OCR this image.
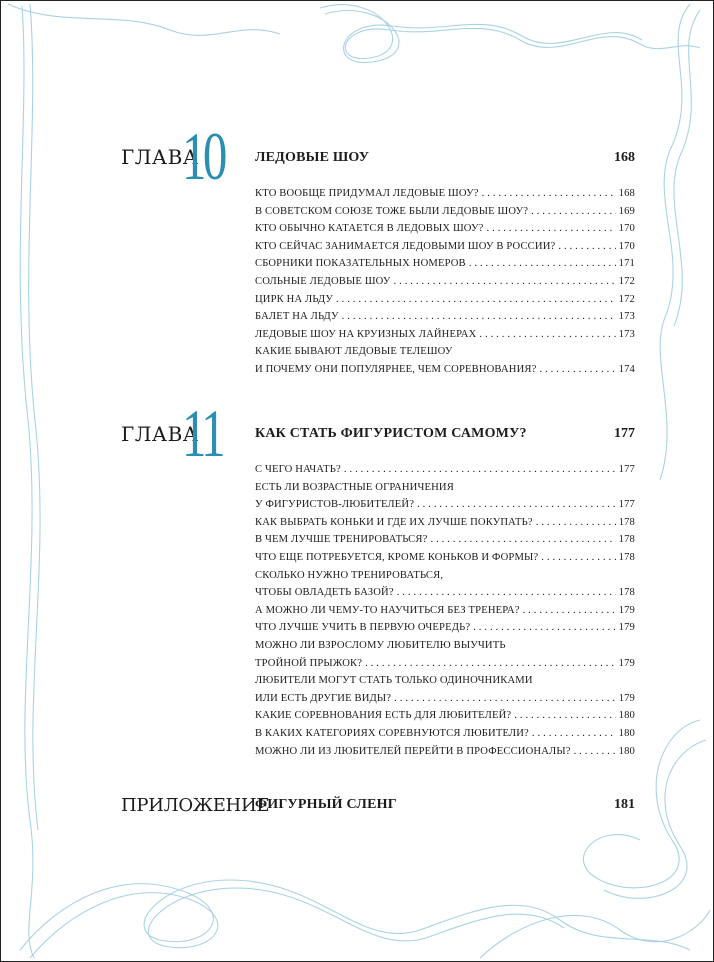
ГЛАВА
10 ЛЕДОВЫЕ ШОУ	168
КТО ВООБЩЕ ПРИДУМАЛ ЛЕДОВЫЕ ШОУ? . . .	168
В СОВЕТСКОМ СОЮЗЕ ТОЖЕ БЫЛИ ЛЕДОВЫЕ ШОУ? . . .	169
КТО ОБЫЧНО КАТАЕТСЯ В ЛЕДОВЫХ ШОУ? . . .	170
КТО СЕЙЧАС ЗАНИМАЕТСЯ ЛЕДОВЫМИ ШОУ В РОССИИ? . . .	170
СБОРНИКИ ПОКАЗАТЕЛЬНЫХ НОМЕРОВ . . .	171
СОЛЬНЫЕ ЛЕДОВЫЕ ШОУ . . .	172
ЦИРК НА ЛЬДУ . . .	172
БАЛЕТ НА ЛЬДУ . . .	173
ЛЕДОВЫЕ ШОУ НА КРУИЗНЫХ ЛАЙНЕРАХ . . .	173
КАКИЕ БЫВАЮТ ЛЕДОВЫЕ ТЕЛЕШОУ
И ПОЧЕМУ ОНИ ПОПУЛЯРНЕЕ, ЧЕМ СОРЕВНОВАНИЯ? . . .	174
ГЛАВА
11 КАК СТАТЬ ФИГУРИСТОМ САМОМУ?	177
С ЧЕГО НАЧАТЬ? . . .	177
ЕСТЬ ЛИ ВОЗРАСТНЫЕ ОГРАНИЧЕНИЯ
У ФИГУРИСТОВ-ЛЮБИТЕЛЕЙ? . . .	177
КАК ВЫБРАТЬ КОНЬКИ И ГДЕ ИХ ЛУЧШЕ ПОКУПАТЬ? . . .	178
В ЧЕМ ЛУЧШЕ ТРЕНИРОВАТЬСЯ? . . .	178
ЧТО ЕЩЕ ПОТРЕБУЕТСЯ, КРОМЕ КОНЬКОВ И ФОРМЫ? . . .	178
СКОЛЬКО НУЖНО ТРЕНИРОВАТЬСЯ,
ЧТОБЫ ОВЛАДЕТЬ БАЗОЙ? . . .	178
А МОЖНО ЛИ ЧЕМУ-ТО НАУЧИТЬСЯ БЕЗ ТРЕНЕРА? . . .	179
ЧТО ЛУЧШЕ УЧИТЬ В ПЕРВУЮ ОЧЕРЕДЬ? . . .	179
МОЖНО ЛИ ВЗРОСЛОМУ ЛЮБИТЕЛЮ ВЫУЧИТЬ
ТРОЙНОЙ ПРЫЖОК? . . .	179
ЛЮБИТЕЛИ МОГУТ СТАТЬ ТОЛЬКО ОДИНОЧНИКАМИ
ИЛИ ЕСТЬ ДРУГИЕ ВИДЫ? . . .	179
КАКИЕ СОРЕВНОВАНИЯ ЕСТЬ ДЛЯ ЛЮБИТЕЛЕЙ? . . .	180
В КАКИХ КАТЕГОРИЯХ СОРЕВНУЮТСЯ ЛЮБИТЕЛИ? . . .	180
МОЖНО ЛИ ИЗ ЛЮБИТЕЛЕЙ ПЕРЕЙТИ В ПРОФЕССИОНАЛЫ? . . .	180
ПРИЛОЖЕНИЕ
ФИГУРНЫЙ СЛЕНГ	181
